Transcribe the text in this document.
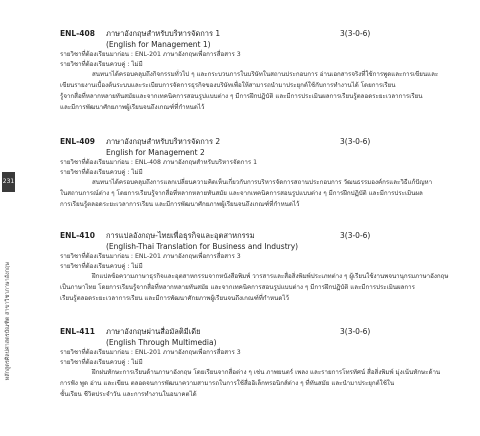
231
หลักสูตรศิลปศาสตรบัณฑิต สาขาวิชาภาษาอังกฤษ
ENL-408 ภาษาอังกฤษสำหรับบริหารจัดการ 1	3(3-0-6)
(English for Management 1)
รายวิชาที่ต้องเรียนมาก่อน : ENL-201 ภาษาอังกฤษเพื่อการสื่อสาร 3
รายวิชาที่ต้องเรียนควบคู่ : ไม่มี

สนทนาได้ครอบคลุมถึงกิจกรรมทั่วไป ๆ และกระบวนการในบริษัทในสถานประกอบการ อ่านเอกสารจริงที่ใช้การพูดและการเขียนและ

เขียนรายงานเบื้องต้นระบบและระเบียบการจัดการธุรกิจของบริษัทเพื่อให้สามารถนำมาประยุกต์ใช้กับการทำงานได้ โดยการเรียน

รู้จากสื่อที่หลากหลายทันสมัยและจากเทคนิคการสอนรูปแบบต่าง ๆ มีการฝึกปฏิบัติ และมีการประเมินผลการเรียนรู้ตลอดระยะเวลาการเรียน

และมีการพัฒนาศักยภาพผู้เรียนจนถึงเกณฑ์ที่กำหนดไว้

ENL-409 ภาษาอังกฤษสำหรับบริหารจัดการ 2	3(3-0-6)
English for Management 2
รายวิชาที่ต้องเรียนมาก่อน : ENL-408 ภาษาอังกฤษสำหรับบริหารจัดการ 1
รายวิชาที่ต้องเรียนควบคู่ : ไม่มี

สนทนาได้ครอบคลุมถึงการแลกเปลี่ยนความคิดเห็นเกี่ยวกับการบริหารจัดการสถานประกอบการ วัฒนธรรมองค์กรและวิธีแก้ปัญหา

ในสถานการณ์ต่าง ๆ โดยการเรียนรู้จากสื่อที่หลากหลายทันสมัย และจากเทคนิคการสอนรูปแบบต่าง ๆ มีการฝึกปฏิบัติ และมีการประเมินผล

การเรียนรู้ตลอดระยะเวลาการเรียน และมีการพัฒนาศักยภาพผู้เรียนจนถึงเกณฑ์ที่กำหนดไว้

ENL-410 การแปลอังกฤษ-ไทยเพื่อธุรกิจและอุตสาหกรรม	3(3-0-6)
(English-Thai Translation for Business and Industry)
รายวิชาที่ต้องเรียนมาก่อน : ENL-201 ภาษาอังกฤษเพื่อการสื่อสาร 3
รายวิชาที่ต้องเรียนควบคู่ : ไม่มี

ฝึกแปลข้อความภาษาธุรกิจและอุตสาหกรรมจากหนังสือพิมพ์ วารสารและสื่อสิ่งพิมพ์ประเภทต่าง ๆ ผู้เรียนใช้งานพจนานุกรมภาษาอังกฤษ

เป็นภาษาไทย โดยการเรียนรู้จากสื่อที่หลากหลายทันสมัย และจากเทคนิคการสอนรูปแบบต่าง ๆ มีการฝึกปฏิบัติ และมีการประเมินผลการ

เรียนรู้ตลอดระยะเวลาการเรียน และมีการพัฒนาศักยภาพผู้เรียนจนถึงเกณฑ์ที่กำหนดไว้

ENL-411 ภาษาอังกฤษผ่านสื่อมัลติมีเดีย	3(3-0-6)
(English Through Multimedia)
รายวิชาที่ต้องเรียนมาก่อน : ENL-201 ภาษาอังกฤษเพื่อการสื่อสาร 3
รายวิชาที่ต้องเรียนควบคู่ : ไม่มี

ฝึกฝนทักษะการเรียนด้านภาษาอังกฤษ โดยเรียนจากสื่อต่าง ๆ เช่น ภาพยนตร์ เพลง และรายการโทรทัศน์ สื่อสิ่งพิมพ์ มุ่งเน้นทักษะด้าน

การฟัง พูด อ่าน และเขียน ตลอดจนการพัฒนาความสามารถในการใช้สื่ออิเล็กทรอนิกส์ต่าง ๆ ที่ทันสมัย และนำมาประยุกต์ใช้ใน

ชั้นเรียน ชีวิตประจำวัน และการทำงานในอนาคตได้
